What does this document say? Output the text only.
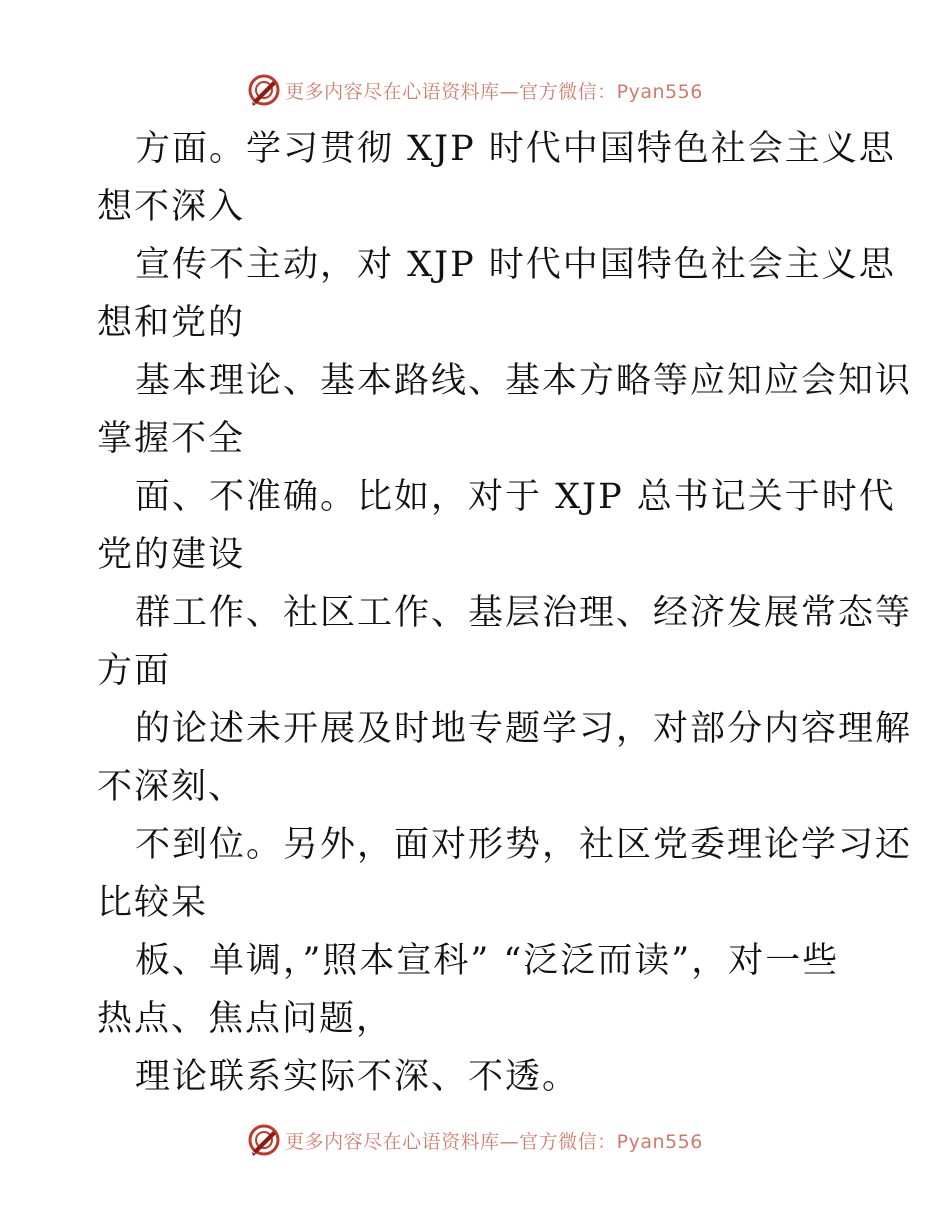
更多内容尽在心语资料库—官方微信：Pyan556
方面。学习贯彻 XJP 时代中国特色社会主义思
想不深入
宣传不主动，对 XJP 时代中国特色社会主义思
想和党的
基本理论、基本路线、基本方略等应知应会知识
掌握不全
面、不准确。比如，对于 XJP 总书记关于时代
党的建设
群工作、社区工作、基层治理、经济发展常态等
方面
的论述未开展及时地专题学习，对部分内容理解
不深刻、
不到位。另外，面对形势，社区党委理论学习还
比较呆
板、单调，”照本宣科” “泛泛而读”，对一些
热点、焦点问题，
理论联系实际不深、不透。
更多内容尽在心语资料库—官方微信：Pyan556
